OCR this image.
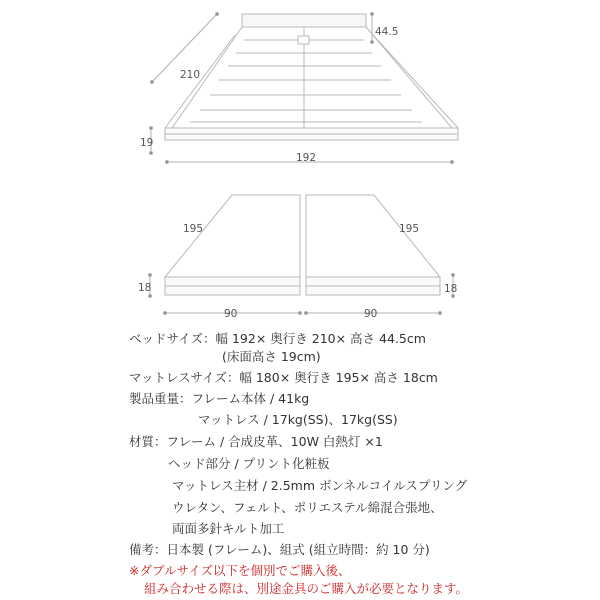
44.5
210
19
192
195	195
18	18
90	90
ベッドサイズ：幅 192× 奥行き 210× 高さ 44.5cm
(床面高さ 19cm)
マットレスサイズ：幅 180× 奥行き 195× 高さ 18cm
製品重量：フレーム本体 / 41kg
マットレス / 17kg(SS)、17kg(SS)
材質：フレーム / 合成皮革、10W 白熱灯 ×1
ヘッド部分 / プリント化粧板
マットレス主材 / 2.5mm ボンネルコイルスプリング
ウレタン、フェルト、ポリエステル綿混合張地、
両面多針キルト加工
備考：日本製 (フレーム)、組式 (組立時間：約 10 分)
※ダブルサイズ以下を個別でご購入後、
組み合わせる際は、別途金具のご購入が必要となります。
